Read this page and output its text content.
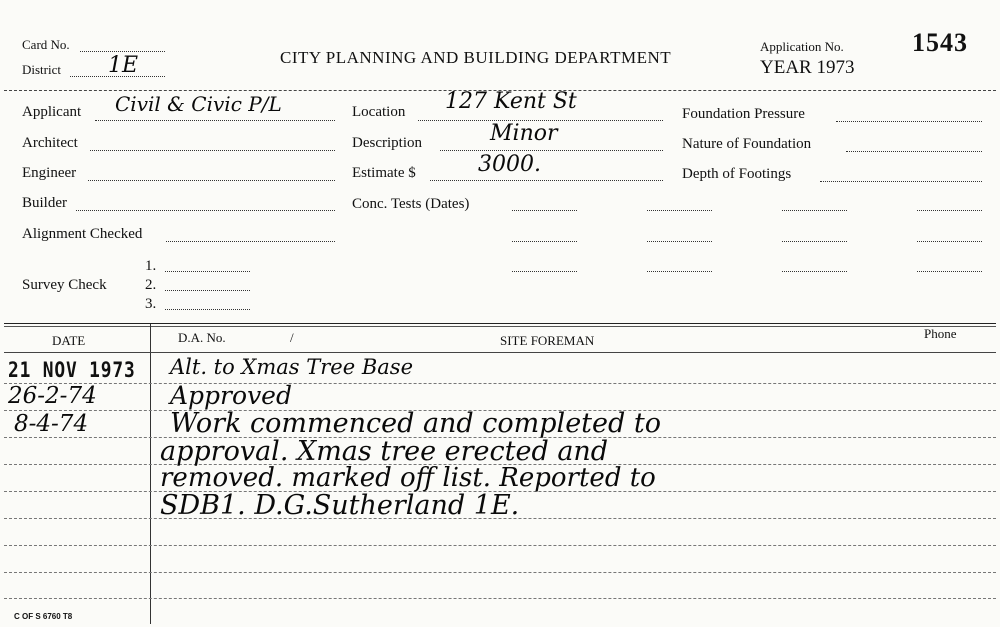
Card No.
District 1E	CITY PLANNING AND BUILDING DEPARTMENT
Application No.	1543
YEAR 1973
Applicant Civil & Civic P/L
Architect
Engineer
Builder
Alignment Checked
1.
Survey Check	2.
3.
Location 127 Kent St
Description	Minor
Estimate $	3000.
Conc. Tests (Dates)
Foundation Pressure
Nature of Foundation
Depth of Footings
DATE	D.A. No.	/	SITE FOREMAN	Phone
21 NOV 1973 Alt. to Xmas Tree Base
26-2-74	Approved
8-4-74	Work commenced and completed to
approval. Xmas tree erected and
removed. marked off list. Reported to
SDB1. D.G.Sutherland 1E.
C OF S 6760 T8
